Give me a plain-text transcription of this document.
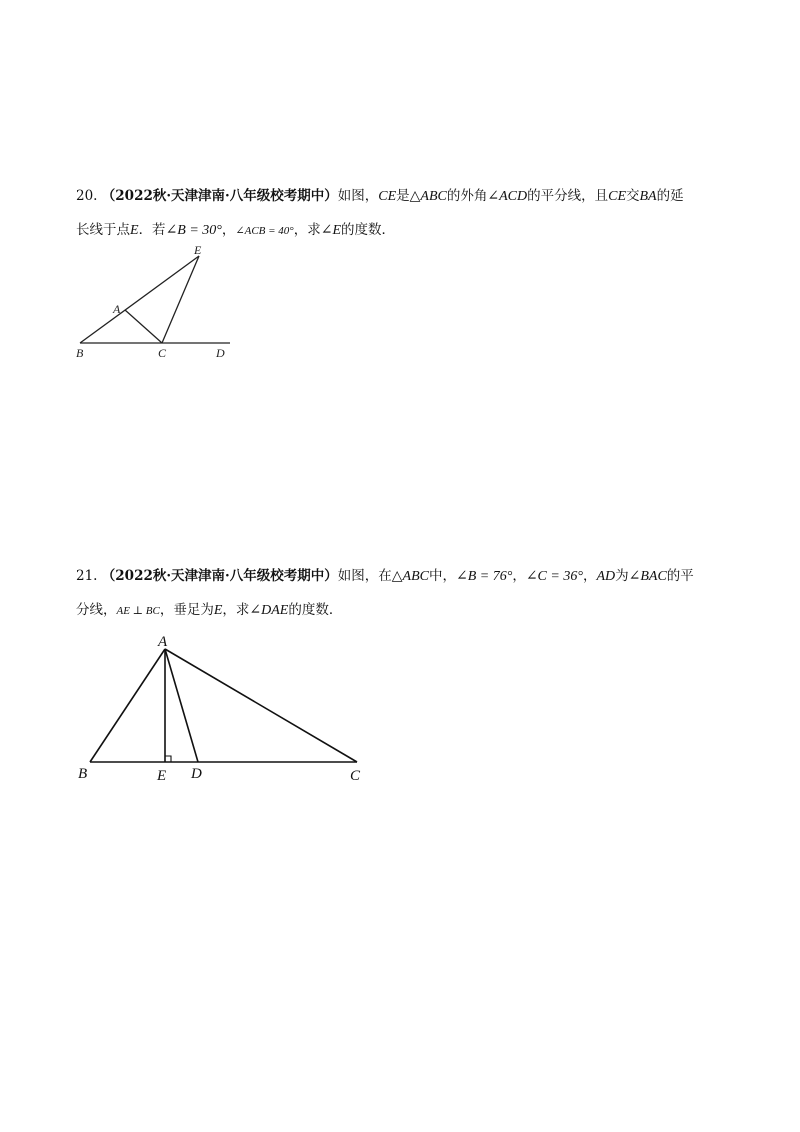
20. （2022秋·天津津南·八年级校考期中）如图，CE是△ABC的外角∠ACD的平分线，且CE交BA的延
长线于点E．若∠B = 30°，∠ACB = 40°，求∠E的度数．
E
A
B	C	D
21. （2022秋·天津津南·八年级校考期中）如图，在△ABC中，∠B = 76°，∠C = 36°，AD为∠BAC的平
分线，AE ⊥ BC，垂足为E，求∠DAE的度数．
A
B	E D	C
